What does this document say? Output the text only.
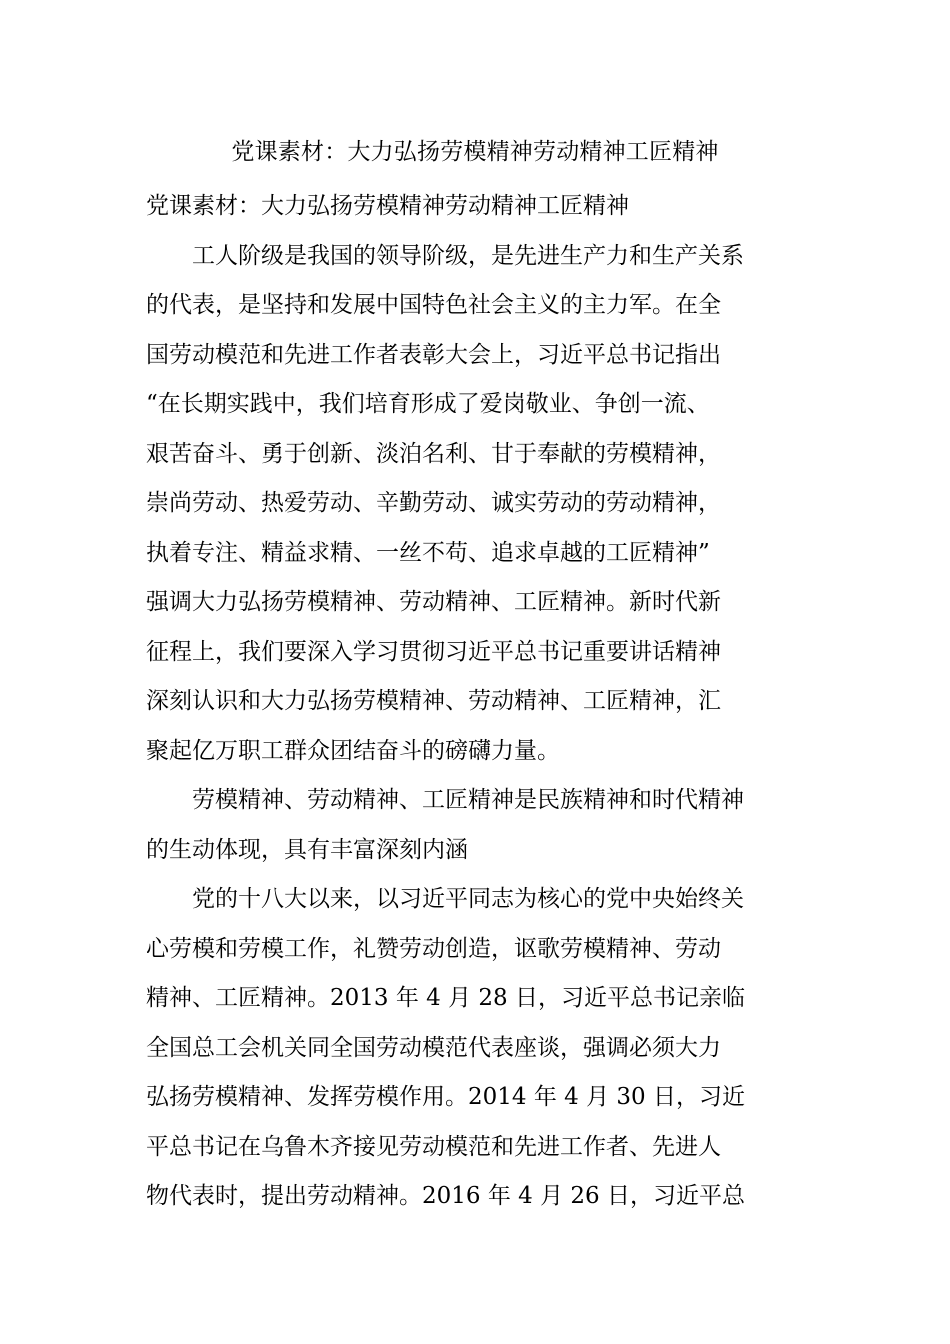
党课素材：大力弘扬劳模精神劳动精神工匠精神
党课素材：大力弘扬劳模精神劳动精神工匠精神
工人阶级是我国的领导阶级，是先进生产力和生产关系
的代表，是坚持和发展中国特色社会主义的主力军。在全
国劳动模范和先进工作者表彰大会上，习近平总书记指出
“在长期实践中，我们培育形成了爱岗敬业、争创一流、
艰苦奋斗、勇于创新、淡泊名利、甘于奉献的劳模精神，
崇尚劳动、热爱劳动、辛勤劳动、诚实劳动的劳动精神，
执着专注、精益求精、一丝不苟、追求卓越的工匠精神”
强调大力弘扬劳模精神、劳动精神、工匠精神。新时代新
征程上，我们要深入学习贯彻习近平总书记重要讲话精神
深刻认识和大力弘扬劳模精神、劳动精神、工匠精神，汇
聚起亿万职工群众团结奋斗的磅礴力量。
劳模精神、劳动精神、工匠精神是民族精神和时代精神
的生动体现，具有丰富深刻内涵
党的十八大以来，以习近平同志为核心的党中央始终关
心劳模和劳模工作，礼赞劳动创造，讴歌劳模精神、劳动
精神、工匠精神。2013 年 4 月 28 日，习近平总书记亲临
全国总工会机关同全国劳动模范代表座谈，强调必须大力
弘扬劳模精神、发挥劳模作用。2014 年 4 月 30 日，习近
平总书记在乌鲁木齐接见劳动模范和先进工作者、先进人
物代表时，提出劳动精神。2016 年 4 月 26 日，习近平总
